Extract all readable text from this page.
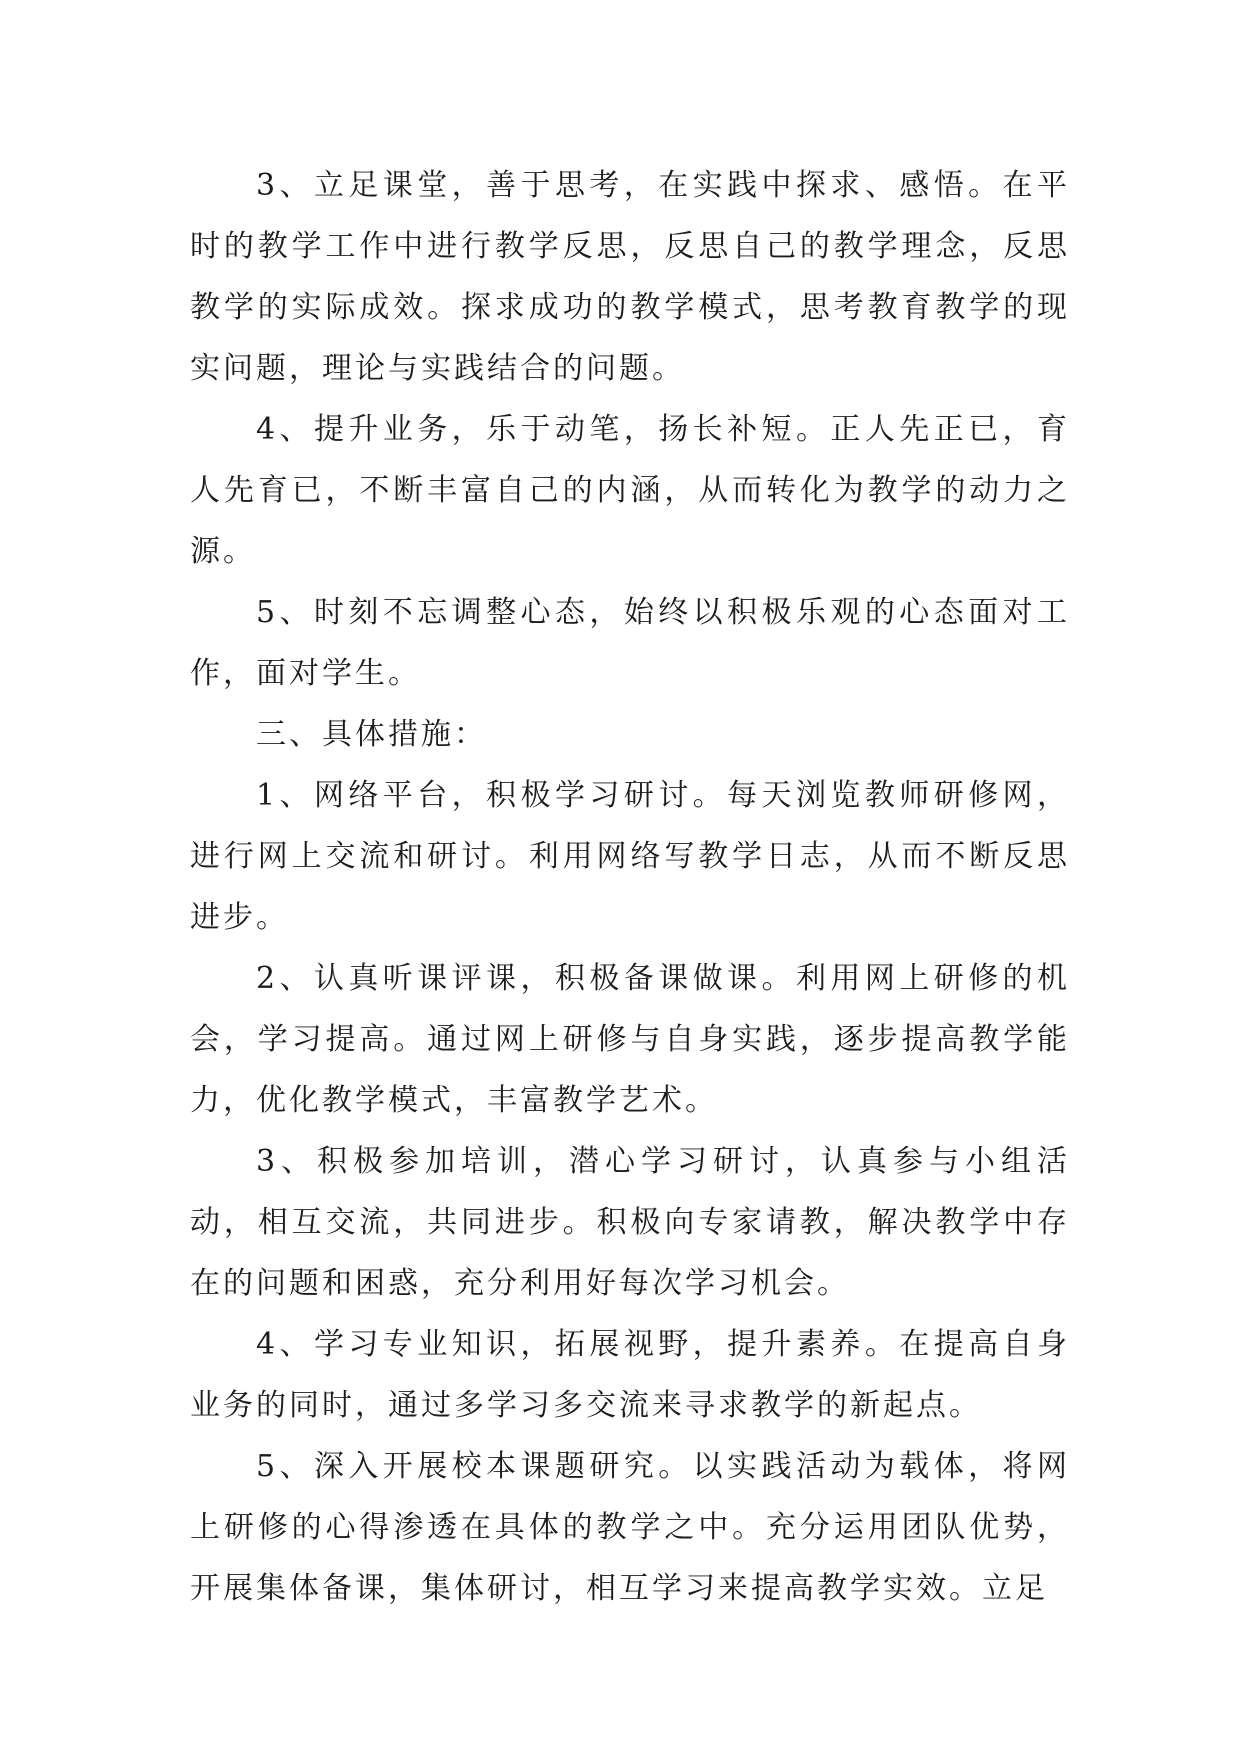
3、立足课堂，善于思考，在实践中探求、感悟。在平时的教学工作中进行教学反思，反思自己的教学理念，反思教学的实际成效。探求成功的教学模式，思考教育教学的现实问题，理论与实践结合的问题。

4、提升业务，乐于动笔，扬长补短。正人先正已，育人先育已，不断丰富自己的内涵，从而转化为教学的动力之源。

5、时刻不忘调整心态，始终以积极乐观的心态面对工作，面对学生。

三、具体措施：

1、网络平台，积极学习研讨。每天浏览教师研修网，进行网上交流和研讨。利用网络写教学日志，从而不断反思进步。

2、认真听课评课，积极备课做课。利用网上研修的机会，学习提高。通过网上研修与自身实践，逐步提高教学能力，优化教学模式，丰富教学艺术。

3、积极参加培训，潜心学习研讨，认真参与小组活动，相互交流，共同进步。积极向专家请教，解决教学中存在的问题和困惑，充分利用好每次学习机会。

4、学习专业知识，拓展视野，提升素养。在提高自身业务的同时，通过多学习多交流来寻求教学的新起点。

5、深入开展校本课题研究。以实践活动为载体，将网上研修的心得渗透在具体的教学之中。充分运用团队优势，开展集体备课，集体研讨，相互学习来提高教学实效。立足
